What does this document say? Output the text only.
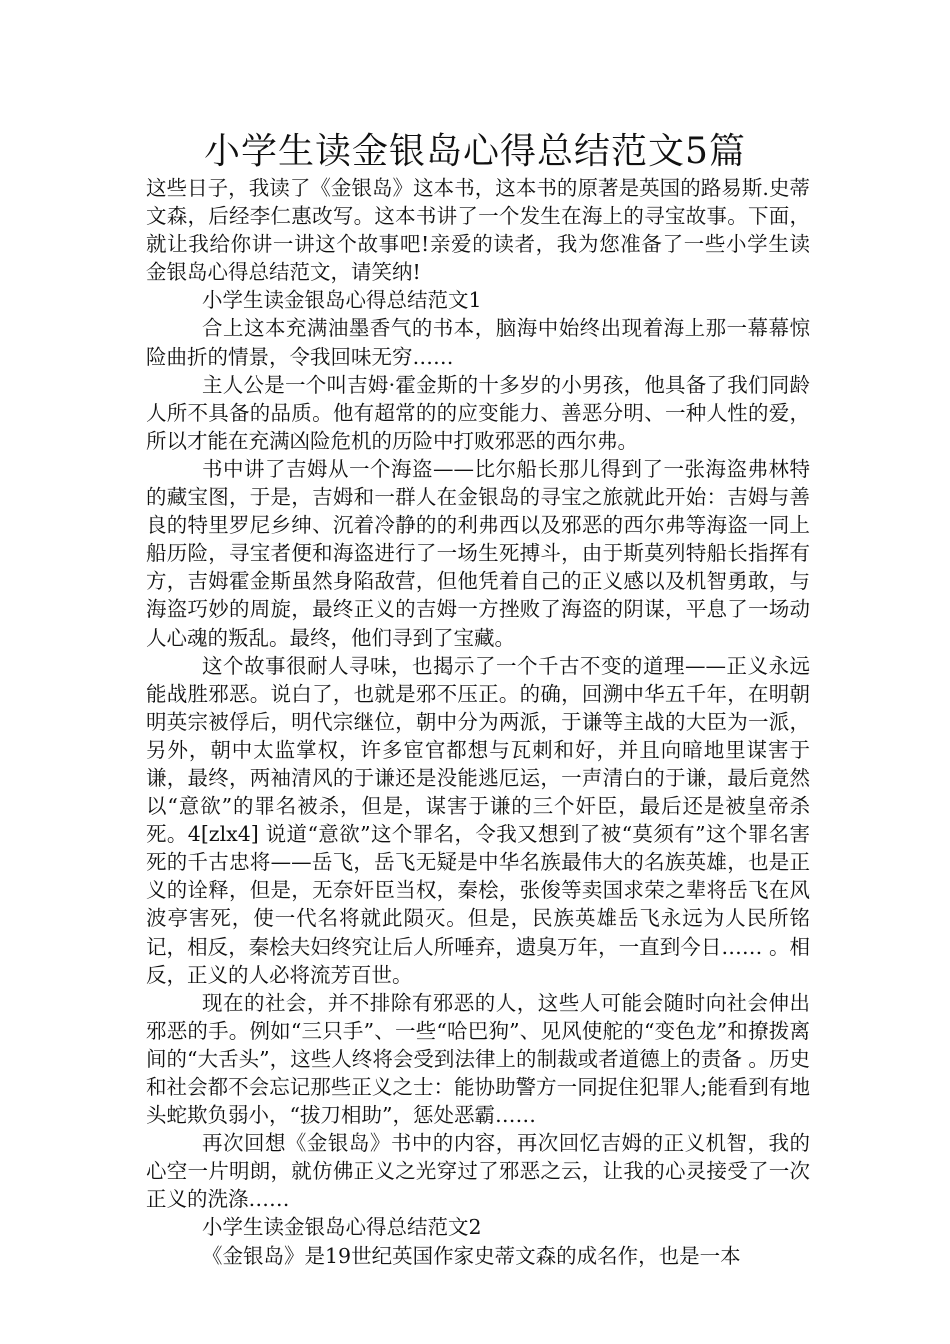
小学生读金银岛心得总结范文5篇

这些日子，我读了《金银岛》这本书，这本书的原著是英国的路易斯.史蒂文森，后经李仁惠改写。这本书讲了一个发生在海上的寻宝故事。下面，就让我给你讲一讲这个故事吧!亲爱的读者，我为您准备了一些小学生读金银岛心得总结范文，请笑纳!

小学生读金银岛心得总结范文1

合上这本充满油墨香气的书本，脑海中始终出现着海上那一幕幕惊险曲折的情景，令我回味无穷……

主人公是一个叫吉姆·霍金斯的十多岁的小男孩，他具备了我们同龄人所不具备的品质。他有超常的的应变能力、善恶分明、一种人性的爱，所以才能在充满凶险危机的历险中打败邪恶的西尔弗。

书中讲了吉姆从一个海盗——比尔船长那儿得到了一张海盗弗林特的藏宝图，于是，吉姆和一群人在金银岛的寻宝之旅就此开始：吉姆与善良的特里罗尼乡绅、沉着冷静的的利弗西以及邪恶的西尔弗等海盗一同上船历险，寻宝者便和海盗进行了一场生死搏斗，由于斯莫列特船长指挥有方，吉姆霍金斯虽然身陷敌营，但他凭着自己的正义感以及机智勇敢，与海盗巧妙的周旋，最终正义的吉姆一方挫败了海盗的阴谋，平息了一场动人心魂的叛乱。最终，他们寻到了宝藏。

这个故事很耐人寻味，也揭示了一个千古不变的道理——正义永远能战胜邪恶。说白了，也就是邪不压正。的确，回溯中华五千年，在明朝明英宗被俘后，明代宗继位，朝中分为两派，于谦等主战的大臣为一派，另外，朝中太监掌权，许多宦官都想与瓦刺和好，并且向暗地里谋害于谦，最终，两袖清风的于谦还是没能逃厄运，一声清白的于谦，最后竟然以“意欲”的罪名被杀，但是，谋害于谦的三个奸臣，最后还是被皇帝杀死。4[zlx4] 说道“意欲”这个罪名，令我又想到了被“莫须有”这个罪名害死的千古忠将——岳飞，岳飞无疑是中华名族最伟大的名族英雄，也是正义的诠释，但是，无奈奸臣当权，秦桧，张俊等卖国求荣之辈将岳飞在风波亭害死，使一代名将就此陨灭。但是，民族英雄岳飞永远为人民所铭记，相反，秦桧夫妇终究让后人所唾弃，遗臭万年，一直到今日…… 。相反，正义的人必将流芳百世。

现在的社会，并不排除有邪恶的人，这些人可能会随时向社会伸出邪恶的手。例如“三只手”、一些“哈巴狗”、见风使舵的“变色龙”和撩拨离间的“大舌头”，这些人终将会受到法律上的制裁或者道德上的责备 。历史和社会都不会忘记那些正义之士：能协助警方一同捉住犯罪人;能看到有地头蛇欺负弱小，“拔刀相助”，惩处恶霸……

再次回想《金银岛》书中的内容，再次回忆吉姆的正义机智，我的心空一片明朗，就仿佛正义之光穿过了邪恶之云，让我的心灵接受了一次正义的洗涤……

小学生读金银岛心得总结范文2

《金银岛》是19世纪英国作家史蒂文森的成名作，也是一本
